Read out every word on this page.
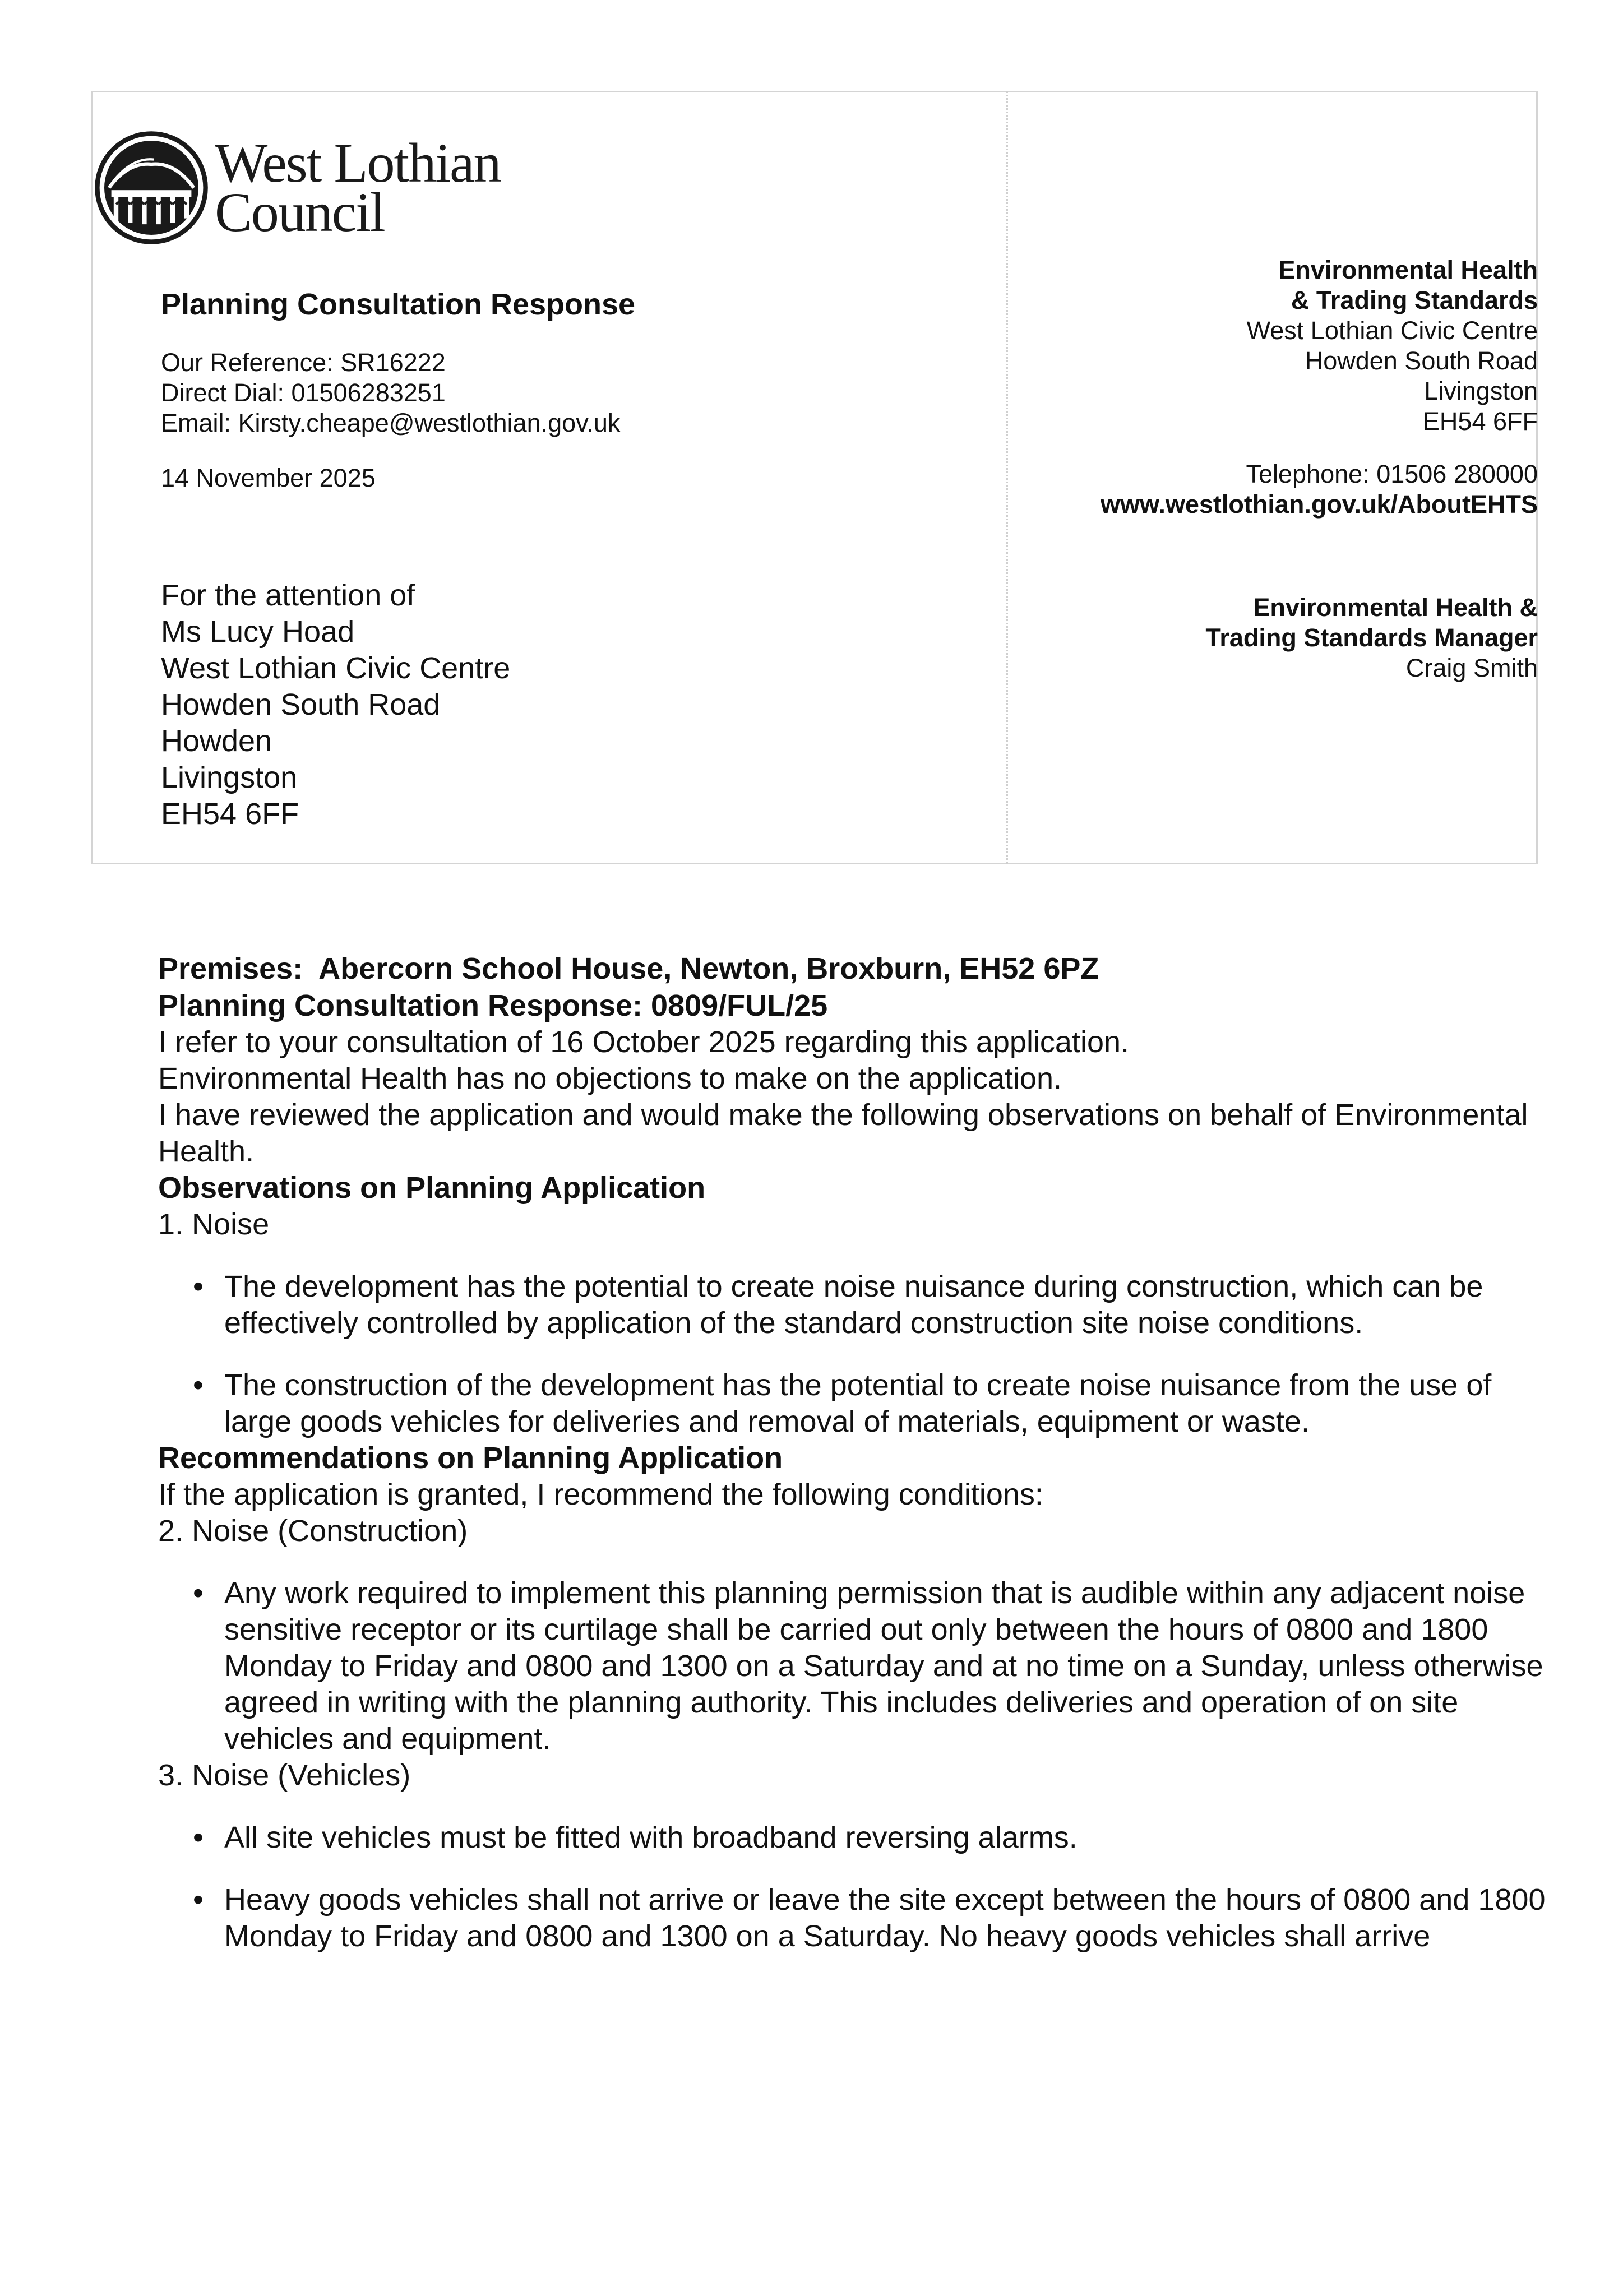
West Lothian
Council

Planning Consultation Response

Our Reference: SR16222
Direct Dial: 01506283251
Email: Kirsty.cheape@westlothian.gov.uk
14 November 2025
For the attention of
Ms Lucy Hoad
West Lothian Civic Centre
Howden South Road
Howden
Livingston
EH54 6FF
Environmental Health
& Trading Standards
West Lothian Civic Centre
Howden South Road
Livingston
EH54 6FF
Telephone: 01506 280000
www.westlothian.gov.uk/AboutEHTS
Environmental Health &
Trading Standards Manager
Craig Smith

Premises:  Abercorn School House, Newton, Broxburn, EH52 6PZ

Planning Consultation Response: 0809/FUL/25

I refer to your consultation of 16 October 2025 regarding this application.

Environmental Health has no objections to make on the application.

I have reviewed the application and would make the following observations on behalf of Environmental Health.

Observations on Planning Application

1. Noise

• The development has the potential to create noise nuisance during construction, which can be effectively controlled by application of the standard construction site noise conditions.
• The construction of the development has the potential to create noise nuisance from the use of large goods vehicles for deliveries and removal of materials, equipment or waste.

Recommendations on Planning Application

If the application is granted, I recommend the following conditions:

2. Noise (Construction)

• Any work required to implement this planning permission that is audible within any adjacent noise sensitive receptor or its curtilage shall be carried out only between the hours of 0800 and 1800 Monday to Friday and 0800 and 1300 on a Saturday and at no time on a Sunday, unless otherwise agreed in writing with the planning authority. This includes deliveries and operation of on site vehicles and equipment.

3. Noise (Vehicles)

• All site vehicles must be fitted with broadband reversing alarms.
• Heavy goods vehicles shall not arrive or leave the site except between the hours of 0800 and 1800 Monday to Friday and 0800 and 1300 on a Saturday. No heavy goods vehicles shall arrive
